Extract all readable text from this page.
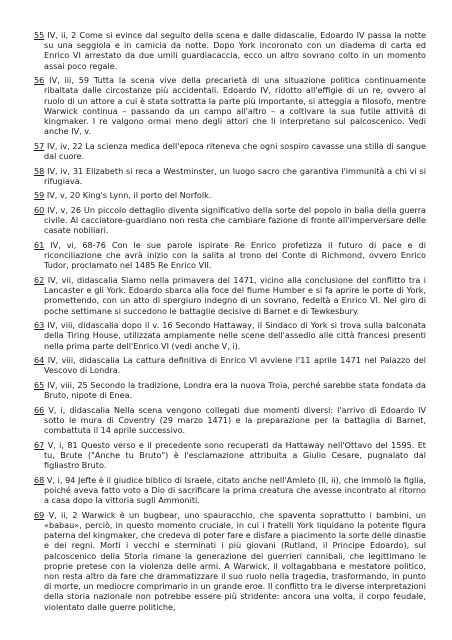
55 IV, ii, 2 Come si evince dal seguito della scena e dalle didascalie, Edoardo IV passa la notte su una seggiola e in camicia da notte. Dopo York incoronato con un diadema di carta ed Enrico VI arrestato da due umili guardiacaccia, ecco un altro sovrano colto in un momento assai poco regale.

56 IV, iii, 59 Tutta la scena vive della precarietà di una situazione politica continuamente ribaltata dalle circostanze più accidentali. Edoardo IV, ridotto all'effigie di un re, ovvero al ruolo di un attore a cui è stata sottratta la parte più importante, si atteggia a filosofo, mentre Warwick continua – passando da un campo all'altro – a coltivare la sua futile attività di kingmaker. I re valgono ormai meno degli attori che li interpretano sul palcoscenico. Vedi anche IV, v.

57 IV, iv, 22 La scienza medica dell'epoca riteneva che ogni sospiro cavasse una stilla di sangue dal cuore.

58 IV, iv, 31 Elizabeth si reca a Westminster, un luogo sacro che garantiva l'immunità a chi vi si rifugiava.

59 IV, v, 20 King's Lynn, il porto del Norfolk.

60 IV, v, 26 Un piccolo dettaglio diventa significativo della sorte del popolo in balìa della guerra civile. Al cacciatore-guardiano non resta che cambiare fazione di fronte all'imperversare delle casate nobiliari.

61 IV, vi, 68-76 Con le sue parole ispirate Re Enrico profetizza il futuro di pace e di riconciliazione che avrà inizio con la salita al trono del Conte di Richmond, ovvero Enrico Tudor, proclamato nel 1485 Re Enrico VII.

62 IV, vii, didascalia Siamo nella primavera del 1471, vicino alla conclusione del conflitto tra i Lancaster e gli York. Edoardo sbarca alla foce del fiume Humber e si fa aprire le porte di York, promettendo, con un atto di spergiuro indegno di un sovrano, fedeltà a Enrico VI. Nel giro di poche settimane si succedono le battaglie decisive di Barnet e di Tewkesbury.

63 IV, viii, didascalia dopo il v. 16 Secondo Hattaway, il Sindaco di York si trova sulla balconata della Tiring House, utilizzata ampiamente nelle scene dell'assedio alle città francesi presenti nella prima parte dell'Enrico VI (vedi anche V, i).

64 IV, viii, didascalia La cattura definitiva di Enrico VI avviene l'11 aprile 1471 nel Palazzo del Vescovo di Londra.

65 IV, viii, 25 Secondo la tradizione, Londra era la nuova Troia, perché sarebbe stata fondata da Bruto, nipote di Enea.

66 V, i, didascalia Nella scena vengono collegati due momenti diversi: l'arrivo di Edoardo IV sotto le mura di Coventry (29 marzo 1471) e la preparazione per la battaglia di Barnet, combattuta il 14 aprile successivo.

67 V, i, 81 Questo verso e il precedente sono recuperati da Hattaway nell'Ottavo del 1595. Et tu, Brute ("Anche tu Bruto") è l'esclamazione attribuita a Giulio Cesare, pugnalato dal figliastro Bruto.

68 V, i, 94 Jefte è il giudice biblico di Israele, citato anche nell'Amleto (II, ii), che immolò la figlia, poiché aveva fatto voto a Dio di sacrificare la prima creatura che avesse incontrato al ritorno a casa dopo la vittoria sugli Ammoniti.

69 V, ii, 2 Warwick è un bugbear, uno spauracchio, che spaventa soprattutto i bambini, un «babau», perciò, in questo momento cruciale, in cui i fratelli York liquidano la potente figura paterna del kingmaker, che credeva di poter fare e disfare a piacimento la sorte delle dinastie e dei regni. Morti i vecchi e sterminati i più giovani (Rutland, il Principe Edoardo), sul palcoscenico della Storia rimane la generazione dei guerrieri cannibali, che legittimano le proprie pretese con la violenza delle armi. A Warwick, il voltagabbana e mestatore politico, non resta altro da fare che drammatizzare il suo ruolo nella tragedia, trasformando, in punto di morte, un mediocre comprimario in un grande eroe. Il conflitto tra le diverse interpretazioni della storia nazionale non potrebbe essere più stridente: ancora una volta, il corpo feudale, violentato dalle guerre politiche,
